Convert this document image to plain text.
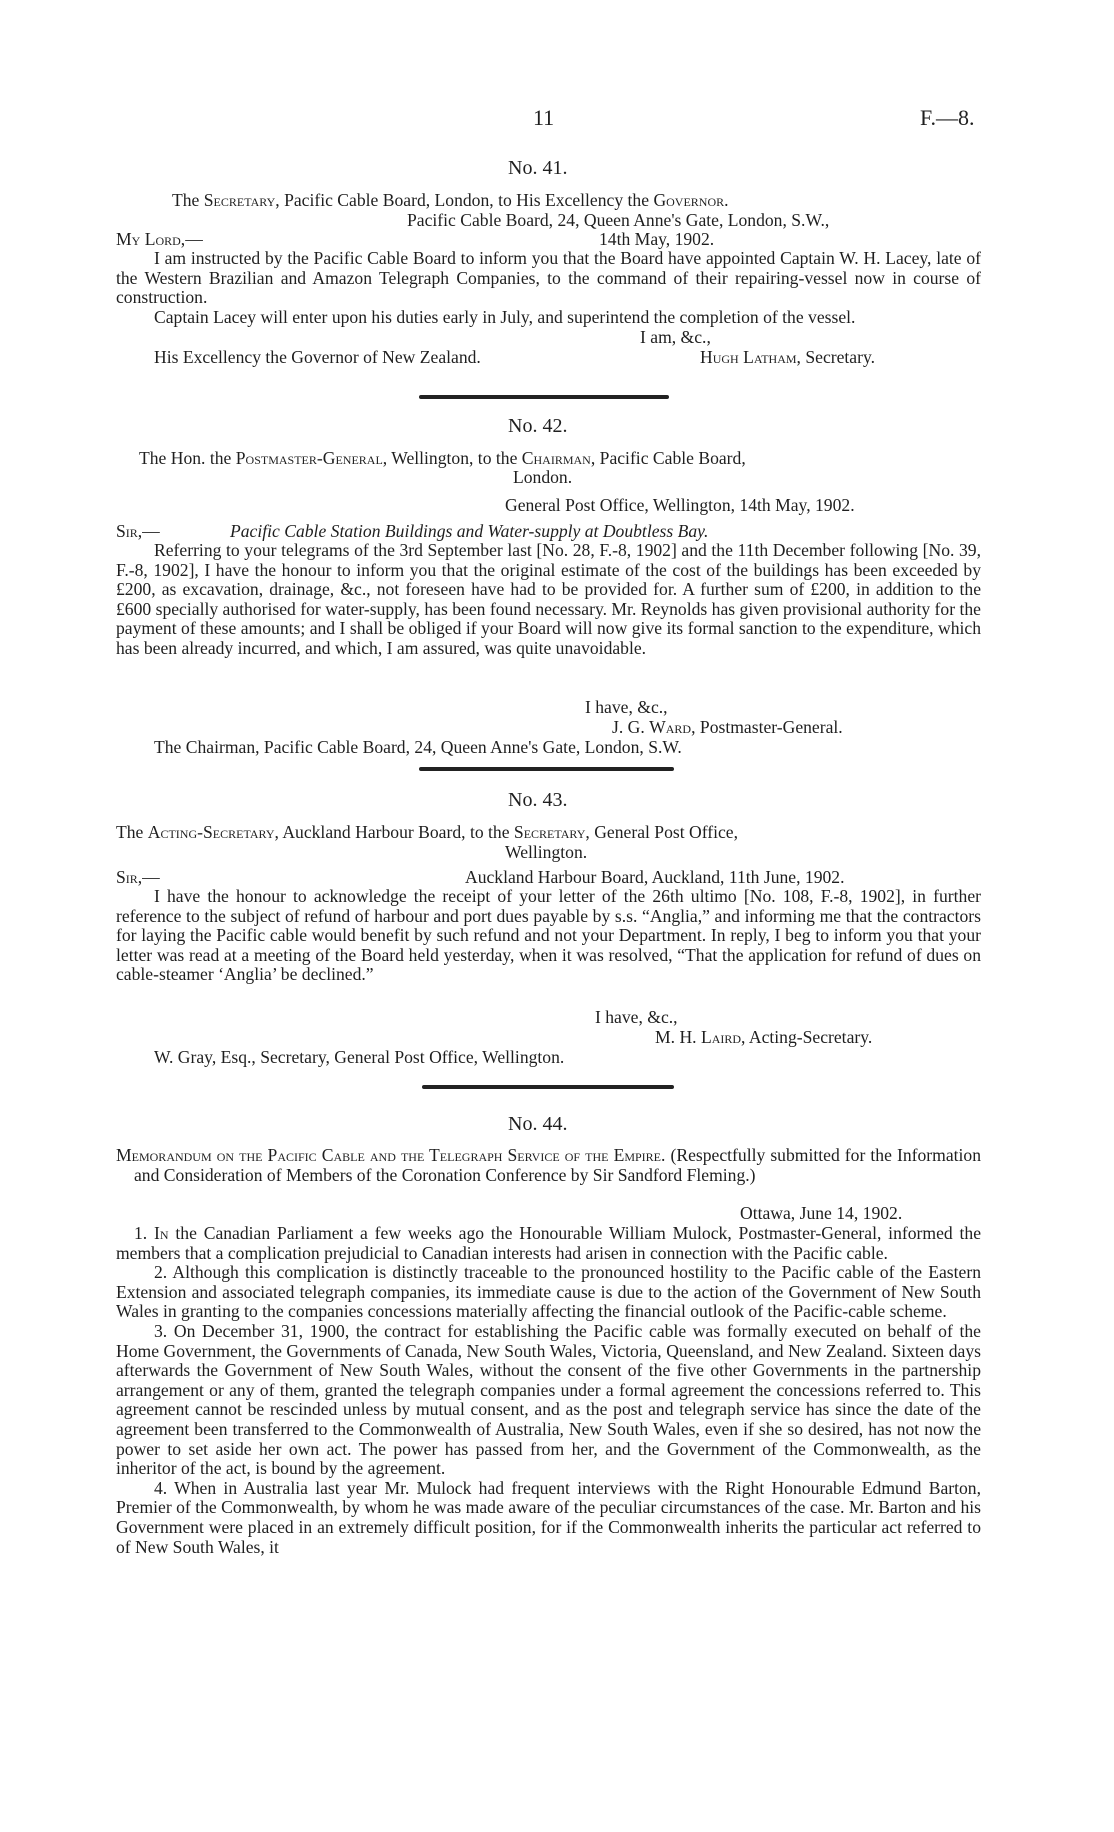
11	F.—8.
No. 41.
The Secretary, Pacific Cable Board, London, to His Excellency the Governor.
Pacific Cable Board, 24, Queen Anne's Gate, London, S.W.,
My Lord,—	14th May, 1902.

I am instructed by the Pacific Cable Board to inform you that the Board have appointed Captain W. H. Lacey, late of the Western Brazilian and Amazon Telegraph Companies, to the command of their repairing-vessel now in course of construction.

Captain Lacey will enter upon his duties early in July, and superintend the completion of the vessel.

I am, &c.,
His Excellency the Governor of New Zealand.	Hugh Latham, Secretary.
No. 42.
The Hon. the Postmaster-General, Wellington, to the Chairman, Pacific Cable Board,
London.
General Post Office, Wellington, 14th May, 1902.
Sir,—	Pacific Cable Station Buildings and Water-supply at Doubtless Bay.

Referring to your telegrams of the 3rd September last [No. 28, F.-8, 1902] and the 11th December following [No. 39, F.-8, 1902], I have the honour to inform you that the original estimate of the cost of the buildings has been exceeded by £200, as excavation, drainage, &c., not foreseen have had to be provided for. A further sum of £200, in addition to the £600 specially authorised for water-supply, has been found necessary. Mr. Reynolds has given provisional authority for the payment of these amounts; and I shall be obliged if your Board will now give its formal sanction to the expenditure, which has been already incurred, and which, I am assured, was quite unavoidable.

I have, &c.,
J. G. Ward, Postmaster-General.
The Chairman, Pacific Cable Board, 24, Queen Anne's Gate, London, S.W.
No. 43.
The Acting-Secretary, Auckland Harbour Board, to the Secretary, General Post Office,
Wellington.
Sir,—	Auckland Harbour Board, Auckland, 11th June, 1902.

I have the honour to acknowledge the receipt of your letter of the 26th ultimo [No. 108, F.-8, 1902], in further reference to the subject of refund of harbour and port dues payable by s.s. “Anglia,” and informing me that the contractors for laying the Pacific cable would benefit by such refund and not your Department. In reply, I beg to inform you that your letter was read at a meeting of the Board held yesterday, when it was resolved, “That the application for refund of dues on cable-steamer ‘Anglia’ be declined.”

I have, &c.,
M. H. Laird, Acting-Secretary.
W. Gray, Esq., Secretary, General Post Office, Wellington.
No. 44.
Memorandum on the Pacific Cable and the Telegraph Service of the Empire. (Respectfully submitted for the Information and Consideration of Members of the Coronation Conference by Sir Sandford Fleming.)
Ottawa, June 14, 1902.

1. In the Canadian Parliament a few weeks ago the Honourable William Mulock, Postmaster-General, informed the members that a complication prejudicial to Canadian interests had arisen in connection with the Pacific cable.

2. Although this complication is distinctly traceable to the pronounced hostility to the Pacific cable of the Eastern Extension and associated telegraph companies, its immediate cause is due to the action of the Government of New South Wales in granting to the companies concessions materially affecting the financial outlook of the Pacific-cable scheme.

3. On December 31, 1900, the contract for establishing the Pacific cable was formally executed on behalf of the Home Government, the Governments of Canada, New South Wales, Victoria, Queensland, and New Zealand. Sixteen days afterwards the Government of New South Wales, without the consent of the five other Governments in the partnership arrangement or any of them, granted the telegraph companies under a formal agreement the concessions referred to. This agreement cannot be rescinded unless by mutual consent, and as the post and telegraph service has since the date of the agreement been transferred to the Commonwealth of Australia, New South Wales, even if she so desired, has not now the power to set aside her own act. The power has passed from her, and the Government of the Commonwealth, as the inheritor of the act, is bound by the agreement.

4. When in Australia last year Mr. Mulock had frequent interviews with the Right Honourable Edmund Barton, Premier of the Commonwealth, by whom he was made aware of the peculiar circumstances of the case. Mr. Barton and his Government were placed in an extremely difficult position, for if the Commonwealth inherits the particular act referred to of New South Wales, it
